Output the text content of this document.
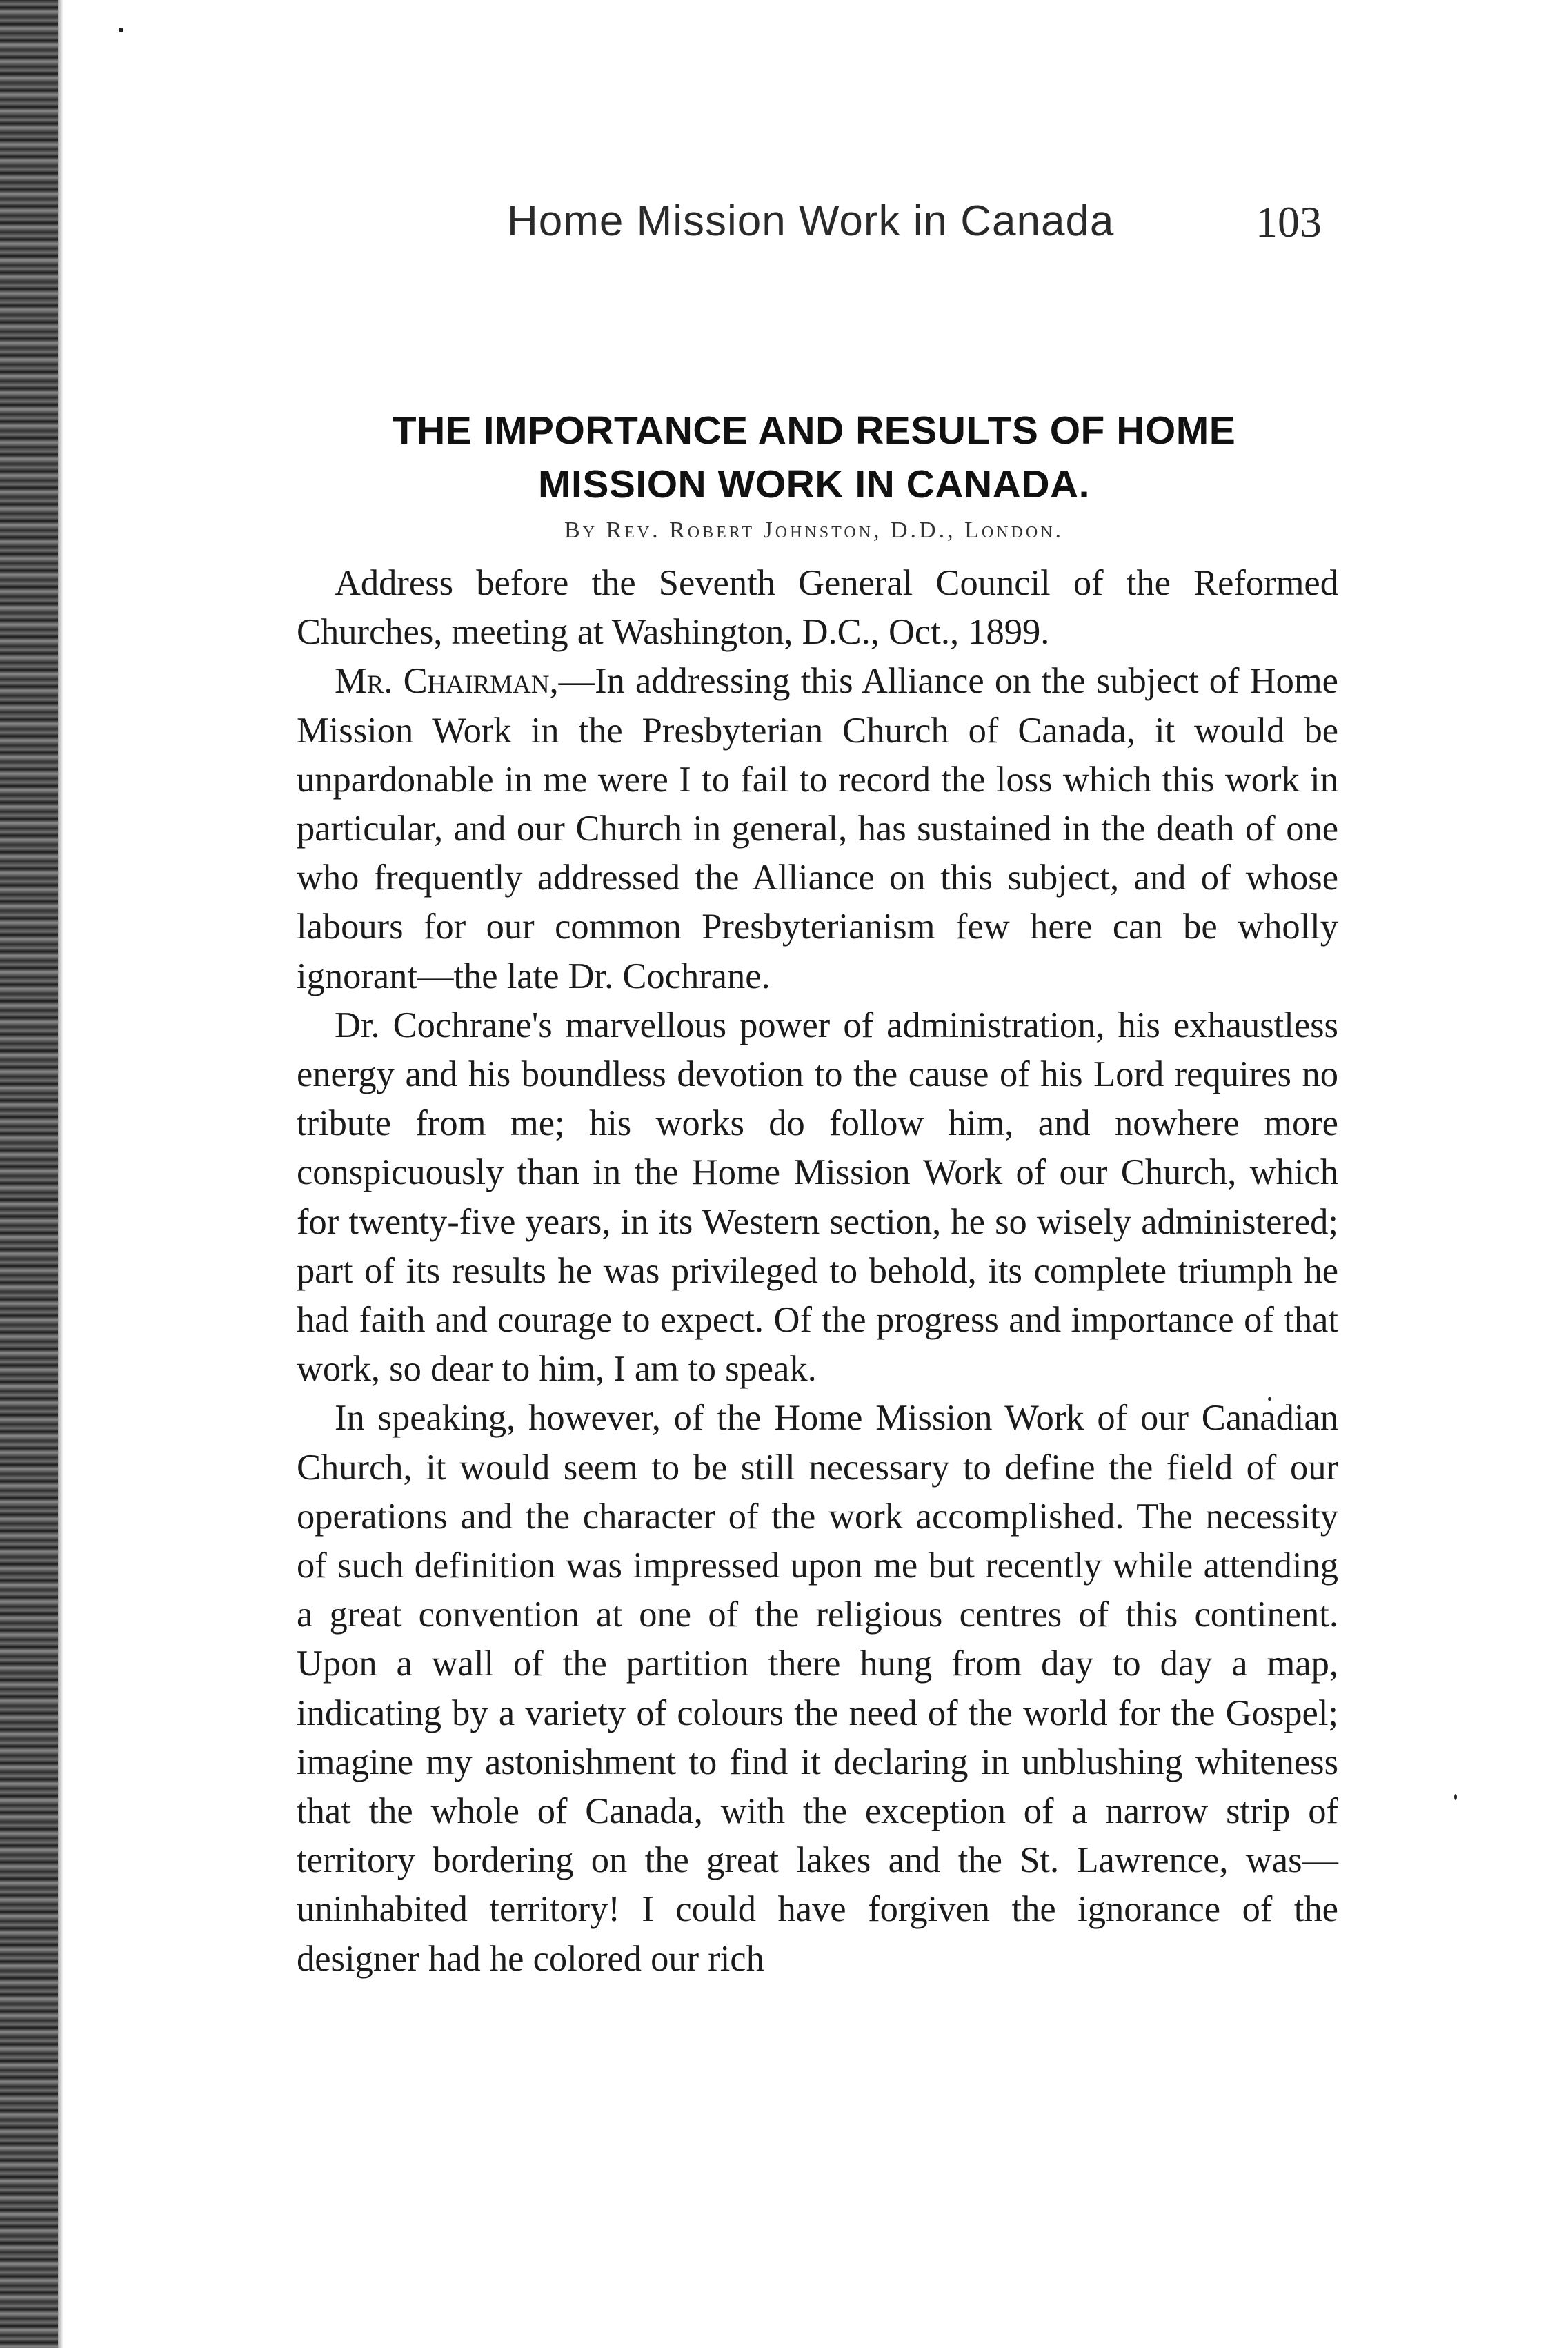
Home Mission Work in Canada	103
THE IMPORTANCE AND RESULTS OF HOME
MISSION WORK IN CANADA.
By Rev. Robert Johnston, D.D., London.

Address before the Seventh General Council of the Reformed Churches, meeting at Washington, D.C., Oct., 1899.

Mr. Chairman,—In addressing this Alliance on the subject of Home Mission Work in the Presbyterian Church of Canada, it would be unpardonable in me were I to fail to record the loss which this work in particular, and our Church in general, has sustained in the death of one who frequently addressed the Alliance on this subject, and of whose labours for our common Presbyterianism few here can be wholly ignorant—the late Dr. Cochrane.

Dr. Cochrane's marvellous power of administration, his exhaustless energy and his boundless devotion to the cause of his Lord requires no tribute from me; his works do follow him, and nowhere more conspicuously than in the Home Mission Work of our Church, which for twenty-five years, in its Western section, he so wisely administered; part of its results he was privileged to behold, its complete triumph he had faith and courage to expect. Of the progress and importance of that work, so dear to him, I am to speak.

In speaking, however, of the Home Mission Work of our Canadian Church, it would seem to be still necessary to define the field of our operations and the character of the work accomplished. The necessity of such definition was impressed upon me but recently while attending a great convention at one of the religious centres of this continent. Upon a wall of the partition there hung from day to day a map, indicating by a variety of colours the need of the world for the Gospel; imagine my astonishment to find it declaring in unblushing whiteness that the whole of Canada, with the exception of a narrow strip of territory bordering on the great lakes and the St. Lawrence, was—uninhabited territory! I could have forgiven the ignorance of the designer had he colored our rich
